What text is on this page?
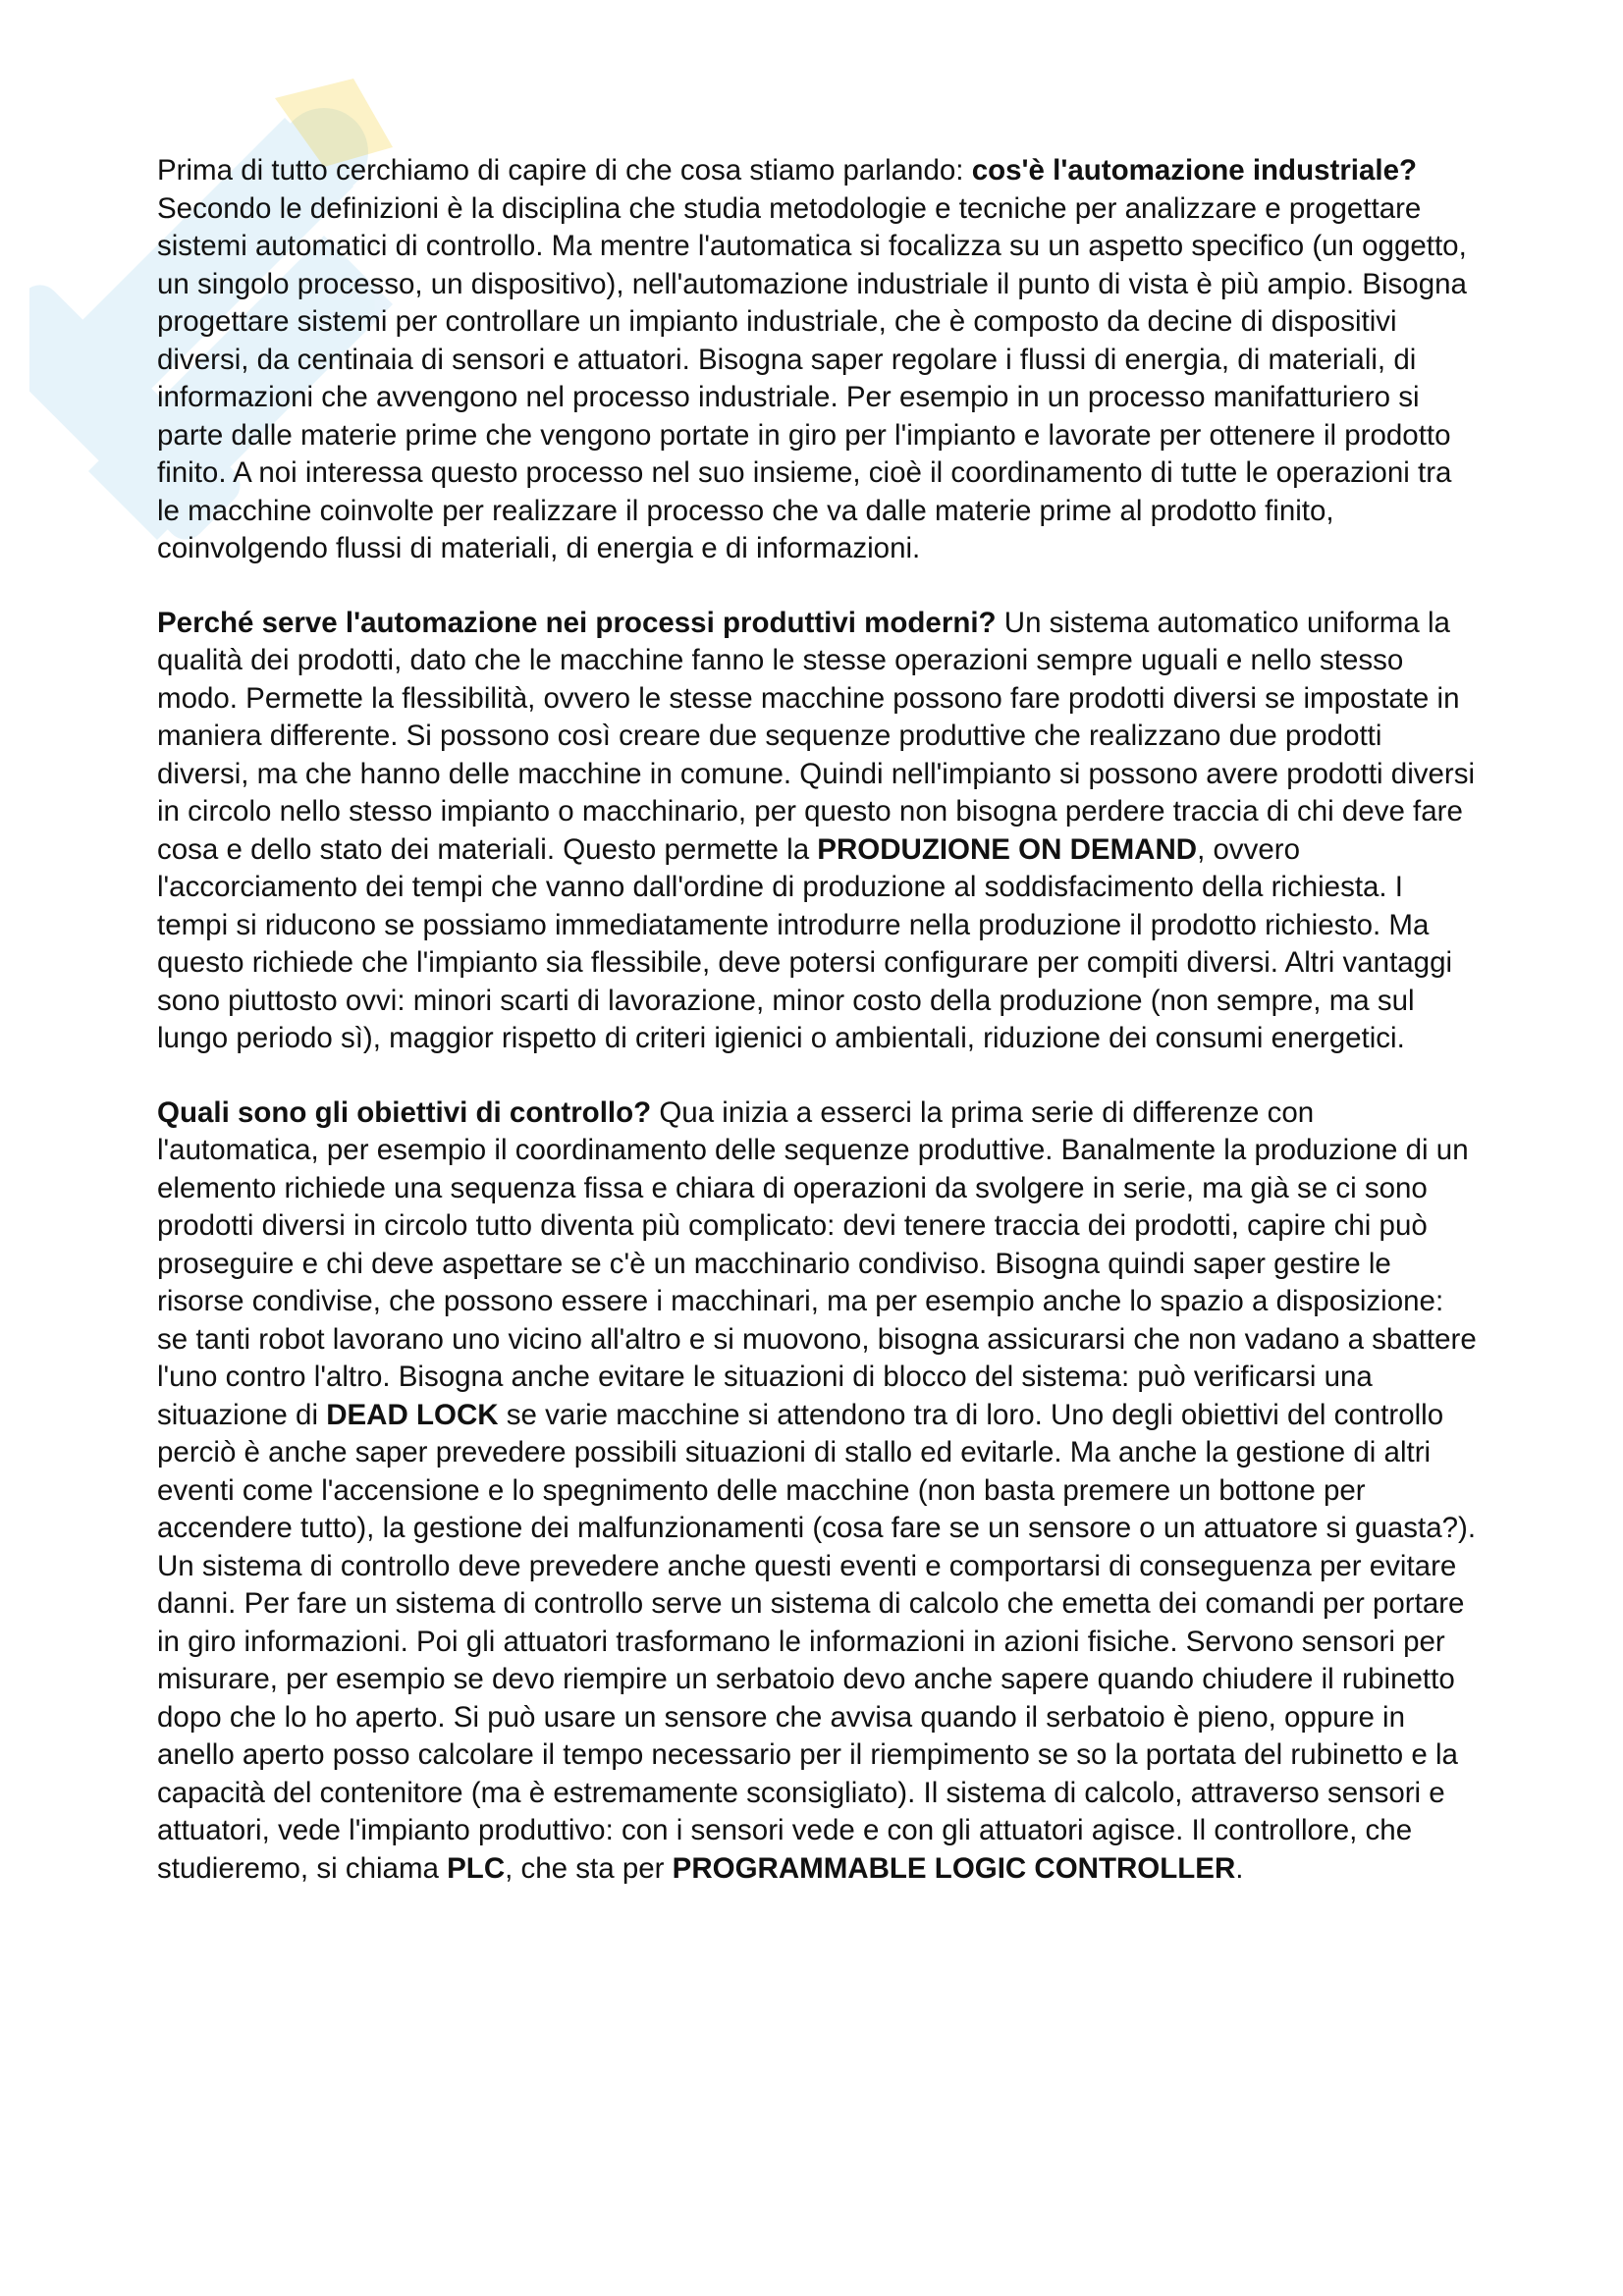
Prima di tutto cerchiamo di capire di che cosa stiamo parlando: cos'è l'automazione industriale? Secondo le definizioni è la disciplina che studia metodologie e tecniche per analizzare e progettare sistemi automatici di controllo. Ma mentre l'automatica si focalizza su un aspetto specifico (un oggetto, un singolo processo, un dispositivo), nell'automazione industriale il punto di vista è più ampio. Bisogna progettare sistemi per controllare un impianto industriale, che è composto da decine di dispositivi diversi, da centinaia di sensori e attuatori. Bisogna saper regolare i flussi di energia, di materiali, di informazioni che avvengono nel processo industriale. Per esempio in un processo manifatturiero si parte dalle materie prime che vengono portate in giro per l'impianto e lavorate per ottenere il prodotto finito. A noi interessa questo processo nel suo insieme, cioè il coordinamento di tutte le operazioni tra le macchine coinvolte per realizzare il processo che va dalle materie prime al prodotto finito, coinvolgendo flussi di materiali, di energia e di informazioni.

Perché serve l'automazione nei processi produttivi moderni? Un sistema automatico uniforma la qualità dei prodotti, dato che le macchine fanno le stesse operazioni sempre uguali e nello stesso modo. Permette la flessibilità, ovvero le stesse macchine possono fare prodotti diversi se impostate in maniera differente. Si possono così creare due sequenze produttive che realizzano due prodotti diversi, ma che hanno delle macchine in comune. Quindi nell'impianto si possono avere prodotti diversi in circolo nello stesso impianto o macchinario, per questo non bisogna perdere traccia di chi deve fare cosa e dello stato dei materiali. Questo permette la PRODUZIONE ON DEMAND, ovvero l'accorciamento dei tempi che vanno dall'ordine di produzione al soddisfacimento della richiesta. I tempi si riducono se possiamo immediatamente introdurre nella produzione il prodotto richiesto. Ma questo richiede che l'impianto sia flessibile, deve potersi configurare per compiti diversi. Altri vantaggi sono piuttosto ovvi: minori scarti di lavorazione, minor costo della produzione (non sempre, ma sul lungo periodo sì), maggior rispetto di criteri igienici o ambientali, riduzione dei consumi energetici.

Quali sono gli obiettivi di controllo? Qua inizia a esserci la prima serie di differenze con l'automatica, per esempio il coordinamento delle sequenze produttive. Banalmente la produzione di un elemento richiede una sequenza fissa e chiara di operazioni da svolgere in serie, ma già se ci sono prodotti diversi in circolo tutto diventa più complicato: devi tenere traccia dei prodotti, capire chi può proseguire e chi deve aspettare se c'è un macchinario condiviso. Bisogna quindi saper gestire le risorse condivise, che possono essere i macchinari, ma per esempio anche lo spazio a disposizione: se tanti robot lavorano uno vicino all'altro e si muovono, bisogna assicurarsi che non vadano a sbattere l'uno contro l'altro. Bisogna anche evitare le situazioni di blocco del sistema: può verificarsi una situazione di DEAD LOCK se varie macchine si attendono tra di loro. Uno degli obiettivi del controllo perciò è anche saper prevedere possibili situazioni di stallo ed evitarle. Ma anche la gestione di altri eventi come l'accensione e lo spegnimento delle macchine (non basta premere un bottone per accendere tutto), la gestione dei malfunzionamenti (cosa fare se un sensore o un attuatore si guasta?). Un sistema di controllo deve prevedere anche questi eventi e comportarsi di conseguenza per evitare danni. Per fare un sistema di controllo serve un sistema di calcolo che emetta dei comandi per portare in giro informazioni. Poi gli attuatori trasformano le informazioni in azioni fisiche. Servono sensori per misurare, per esempio se devo riempire un serbatoio devo anche sapere quando chiudere il rubinetto dopo che lo ho aperto. Si può usare un sensore che avvisa quando il serbatoio è pieno, oppure in anello aperto posso calcolare il tempo necessario per il riempimento se so la portata del rubinetto e la capacità del contenitore (ma è estremamente sconsigliato). Il sistema di calcolo, attraverso sensori e attuatori, vede l'impianto produttivo: con i sensori vede e con gli attuatori agisce. Il controllore, che studieremo, si chiama PLC, che sta per PROGRAMMABLE LOGIC CONTROLLER.
